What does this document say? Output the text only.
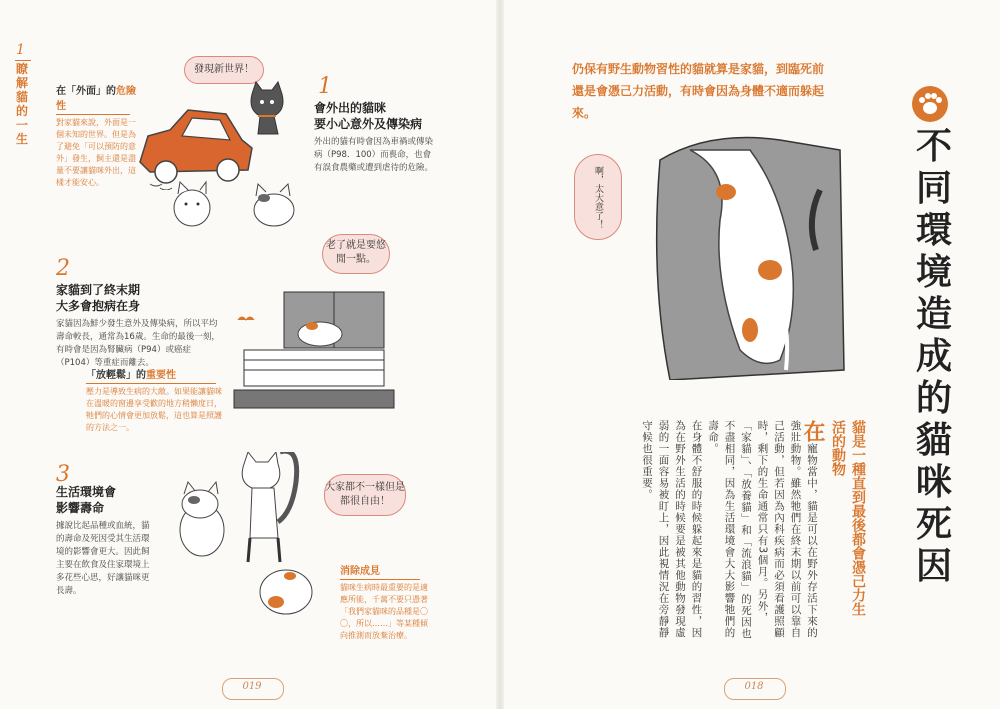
1
瞭解貓的一生
在「外面」的危險性
對家貓來說，外面是一個未知的世界。但是為了避免「可以預防的意外」發生，飼主還是盡量不要讓貓咪外出，這樣才能安心。
發現新世界！
1
會外出的貓咪
要小心意外及傳染病
外出的貓有時會因為車禍或傳染病（P98．100）而喪命，也會有誤食農藥或遭到虐待的危險。
老了就是要悠閒一點。
2
家貓到了終末期
大多會抱病在身
家貓因為鮮少發生意外及傳染病，所以平均壽命較長，通常為16歲。生命的最後一刻，有時會是因為腎臟病（P94）或癌症（P104）等重症而離去。
「放輕鬆」的重要性
壓力是導致生病的大敵。如果能讓貓咪在溫暖的窗邊享受歡的地方稍懶度日，牠們的心情會更加放鬆，這也算是照護的方法之一。
3
生活環境會
影響壽命
據說比起品種或血統，貓的壽命及死因受其生活環境的影響會更大。因此飼主要在飲食及住家環境上多花些心思，好讓貓咪更長壽。
大家都不一樣但是都很自由！
消除成見
貓咪生病時最重要的是適應所能，千萬不要只憑著「我們家貓咪的品種是〇〇，所以……」等某種傾向推測而放棄治療。
019
仍保有野生動物習性的貓就算是家貓，到臨死前還是會憑己力活動，有時會因為身體不適而躲起來。
不同環境造成的貓咪死因
啊，太大意了！
貓是一種直到最後都會憑己力生活的動物
在寵物當中，貓是可以在野外存活下來的強壯動物。雖然牠們在終末期以前可以靠自己活動，但若因為內科疾病而必須看護照顧時，剩下的生命通常只有3個月。另外，「家貓」、「放養貓」和「流浪貓」的死因也不盡相同，因為生活環境會大大影響牠們的壽命。
在身體不舒服的時候躲起來是貓的習性，因為在野外生活的時候要是被其他動物發現虛弱的一面容易被盯上，因此視情況在旁靜靜守候也很重要。
018
